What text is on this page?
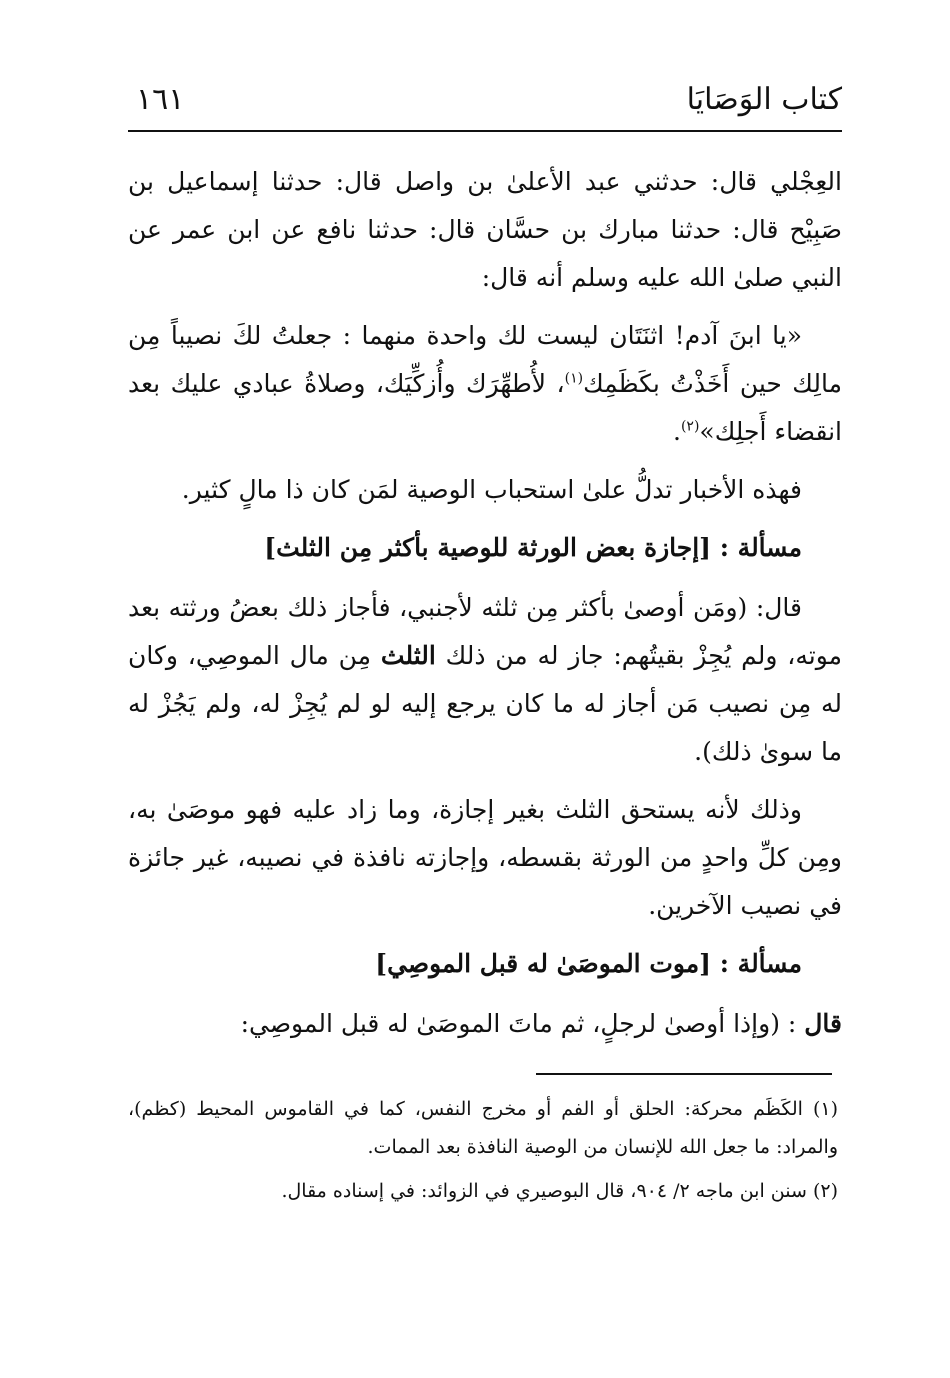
كتاب الوَصَايَا
١٦١

العِجْلي قال: حدثني عبد الأعلىٰ بن واصل قال: حدثنا إسماعيل بن صَبِيْح قال: حدثنا مبارك بن حسَّان قال: حدثنا نافع عن ابن عمر عن النبي صلىٰ الله عليه وسلم أنه قال:

«يا ابنَ آدم! اثنَتَان ليست لك واحدة منهما : جعلتُ لكَ نصيباً مِن مالِك حين أَخَذْتُ بكَظَمِك$^{(١)}$، لأُطهِّرَك وأُزكِّيَك، وصلاةُ عبادي عليك بعد انقضاء أَجلِك»$^{(٢)}$.

فهذه الأخبار تدلُّ علىٰ استحباب الوصية لمَن كان ذا مالٍ كثير.

مسألة : [إجازة بعض الورثة للوصية بأكثر مِن الثلث]

قال: (ومَن أوصىٰ بأكثر مِن ثلثه لأجنبي، فأجاز ذلك بعضُ ورثته بعد موته، ولم يُجِزْ بقيتُهم: جاز له من ذلك الثلث مِن مال الموصِي، وكان له مِن نصيب مَن أجاز له ما كان يرجع إليه لو لم يُجِزْ له، ولم يَجُزْ له ما سوىٰ ذلك).

وذلك لأنه يستحق الثلث بغير إجازة، وما زاد عليه فهو موصَىٰ به، ومِن كلِّ واحدٍ من الورثة بقسطه، وإجازته نافذة في نصيبه، غير جائزة في نصيب الآخرين.

مسألة : [موت الموصَىٰ له قبل الموصِي]

قال : (وإذا أوصىٰ لرجلٍ، ثم ماتَ الموصَىٰ له قبل الموصِي:

(١) الكَظَم محركة: الحلق أو الفم أو مخرج النفس، كما في القاموس المحيط (كظم)، والمراد: ما جعل الله للإنسان من الوصية النافذة بعد الممات.

(٢) سنن ابن ماجه ٢/ ٩٠٤، قال البوصيري في الزوائد: في إسناده مقال.
